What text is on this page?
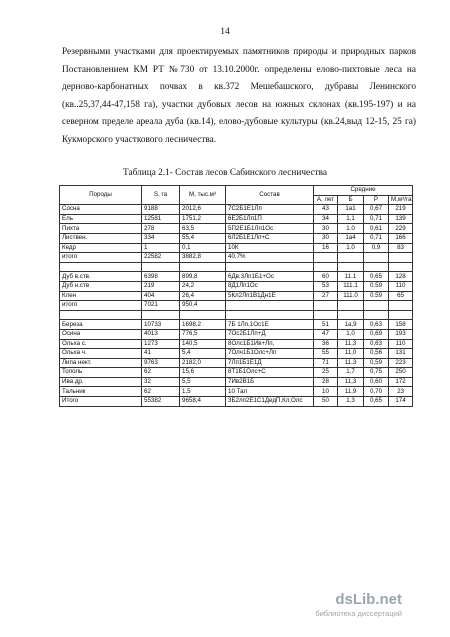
14
Резервными участками для проектируемых памятников природы и природных парков Постановлением КМ РТ №730 от 13.10.2000г. определены елово-пихтовые леса на дерново-карбонатных почвах в кв.372 Мешебашского, дубравы Ленинского (кв..25,37,44-47,158 га), участки дубовых лесов на южных склонах (кв.195-197) и на северном пределе ареала дуба (кв.14), елово-дубовые культуры (кв.24,выд 12-15, 25 га) Кукморского участкового лесничества.
Таблица 2.1- Состав лесов Сабинского лесничества
Породы	S, га	M, тыс.м³	Состав	Средние			
				А, лет	Б	Р	М,м³/га
Сосна	9188	2012,6	7С2Б1Е1Лп	43	1а1	0,67	219
Ель	12581	1751,2	6Е2Б1Лп1П	34	1,1	0,71	139
Пихта	278	63,5	5П2Е1Б1Лп1Ос	30	1.0	0,61	229
Листвен.	334	55,4	6Л2Б1Е1Лп+С	30	1а4	0,71	166
Кедр	1	0,1	10К	16	1.0	0,9	83
итого	22582	3882,8	40.7%				

Дуб в.ств.	6398	899,8	6Дв.3Лп1Б1+Ос	60	11.1	0.65	128
Дуб н.ств	219	24,2	8Д1Лп1Ос	53	111.1	0.59	110
Клен	404	26,4	5Кл2Лп1В1Дн1Е	27	111.0	0.59	65
итого	7021	950,4					

Береза	10733	1698,2	7Б 1Лп,1Ос1Е	51	1а,9	0,63	158
Осина	4013	776,5	7Ос2Б1Лп+Д	47	1,0	0,69	193
Ольха с.	1273	140,5	8Олс1Б1Ив+Лп,	36	11,3	0,63	110
Ольха ч.	41	5,4	7Олч1Б1Олс+Лп	55	11,0	0,56	131
Липа нект.	9763	2182,0	7Лп1Б1Е1Д	71	11,3	0,59	223
Тополь	62	15,6	8Т1Б1Олс+С	25	1,7	0,75	250
Ива др.	32	5,5	7Ив2В1Б	28	11,3	0,60	172
Тальник	62	1,5	10 Тал	10	11,9	0,70	23
Итого	55382	9658,4	3Б2лп2Е1С1ДедП,Кл,Олс	50	1,3	0,65	174
dsLib.net
библиотека диссертаций
